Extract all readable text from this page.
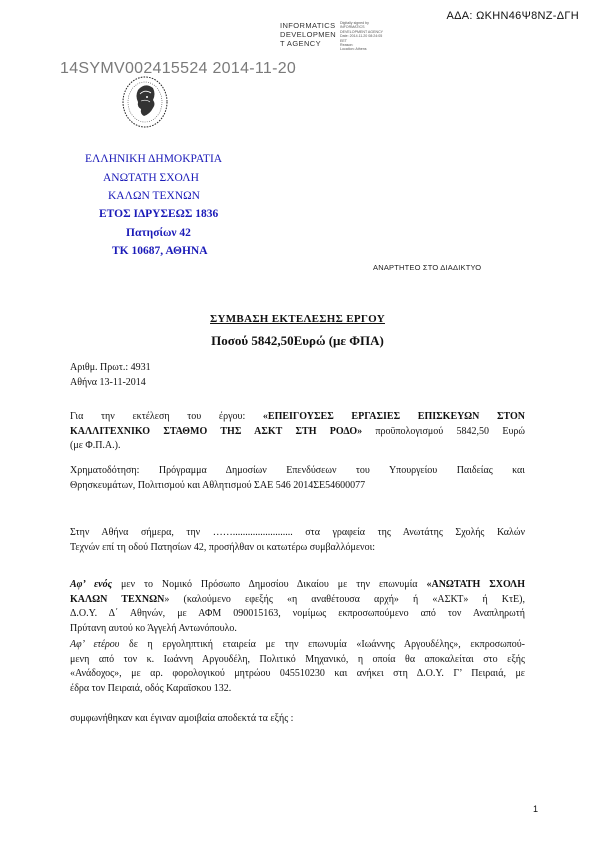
INFORMATICS
DEVELOPMEN
T AGENCY
Digitally signed by
INFORMATICS
DEVELOPMENT AGENCY
Date: 2014.11.20 08:24:05
EET
Reason:
Location: Athens
ΑΔΑ: ΩΚΗΝ46Ψ8ΝΖ-ΔΓΗ
14SYMV002415524 2014-11-20
ΕΛΛΗΝΙΚΗ ΔΗΜΟΚΡΑΤΙΑ
ΑΝΩΤΑΤΗ ΣΧΟΛΗ
ΚΑΛΩΝ ΤΕΧΝΩΝ
ΕΤΟΣ ΙΔΡΥΣΕΩΣ 1836
Πατησίων 42
ΤΚ 10687, ΑΘΗΝΑ
ΑΝΑΡΤΗΤΕΟ ΣΤΟ ΔΙΑΔΙΚΤΥΟ
ΣΥΜΒΑΣΗ ΕΚΤΕΛΕΣΗΣ ΕΡΓΟΥ
Ποσού 5842,50Ευρώ (με ΦΠΑ)
Αριθμ. Πρωτ.: 4931
Αθήνα 13-11-2014
Για την εκτέλεση του έργου: «ΕΠΕΙΓΟΥΣΕΣ ΕΡΓΑΣΙΕΣ ΕΠΙΣΚΕΥΩΝ ΣΤΟΝ
ΚΑΛΛΙΤΕΧΝΙΚΟ ΣΤΑΘΜΟ ΤΗΣ ΑΣΚΤ ΣΤΗ ΡΟΔΟ» προϋπολογισμού 5842,50 Ευρώ
(με Φ.Π.Α.).
Χρηματοδότηση: Πρόγραμμα Δημοσίων Επενδύσεων του Υπουργείου Παιδείας και
Θρησκευμάτων, Πολιτισμού και Αθλητισμού ΣΑΕ 546 2014ΣΕ54600077
Στην Αθήνα σήμερα, την ……........................ στα γραφεία της Ανωτάτης Σχολής Καλών
Τεχνών επί τη οδού Πατησίων 42, προσήλθαν οι κατωτέρω συμβαλλόμενοι:
Αφ’ ενός μεν το Νομικό Πρόσωπο Δημοσίου Δικαίου με την επωνυμία «ΑΝΩΤΑΤΗ ΣΧΟΛΗ
ΚΑΛΩΝ ΤΕΧΝΩΝ» (καλούμενο εφεξής «η αναθέτουσα αρχή» ή «ΑΣΚΤ» ή ΚτΕ),
Δ.Ο.Υ. Δ΄ Αθηνών, με ΑΦΜ 090015163, νομίμως εκπροσωπούμενο από τον Αναπληρωτή
Πρύτανη αυτού κο Άγγελή Αντωνόπουλο.
Αφ’ ετέρου δε η εργοληπτική εταιρεία με την επωνυμία «Ιωάννης Αργουδέλης», εκπροσωπού-
μενη από τον κ. Ιωάννη Αργουδέλη, Πολιτικό Μηχανικό, η οποία θα αποκαλείται στο εξής
«Ανάδοχος», με αρ. φορολογικού μητρώου 045510230 και ανήκει στη Δ.Ο.Υ. Γ’ Πειραιά, με
έδρα τον Πειραιά, οδός Καραϊσκου 132.
συμφωνήθηκαν και έγιναν αμοιβαία αποδεκτά τα εξής :
1
